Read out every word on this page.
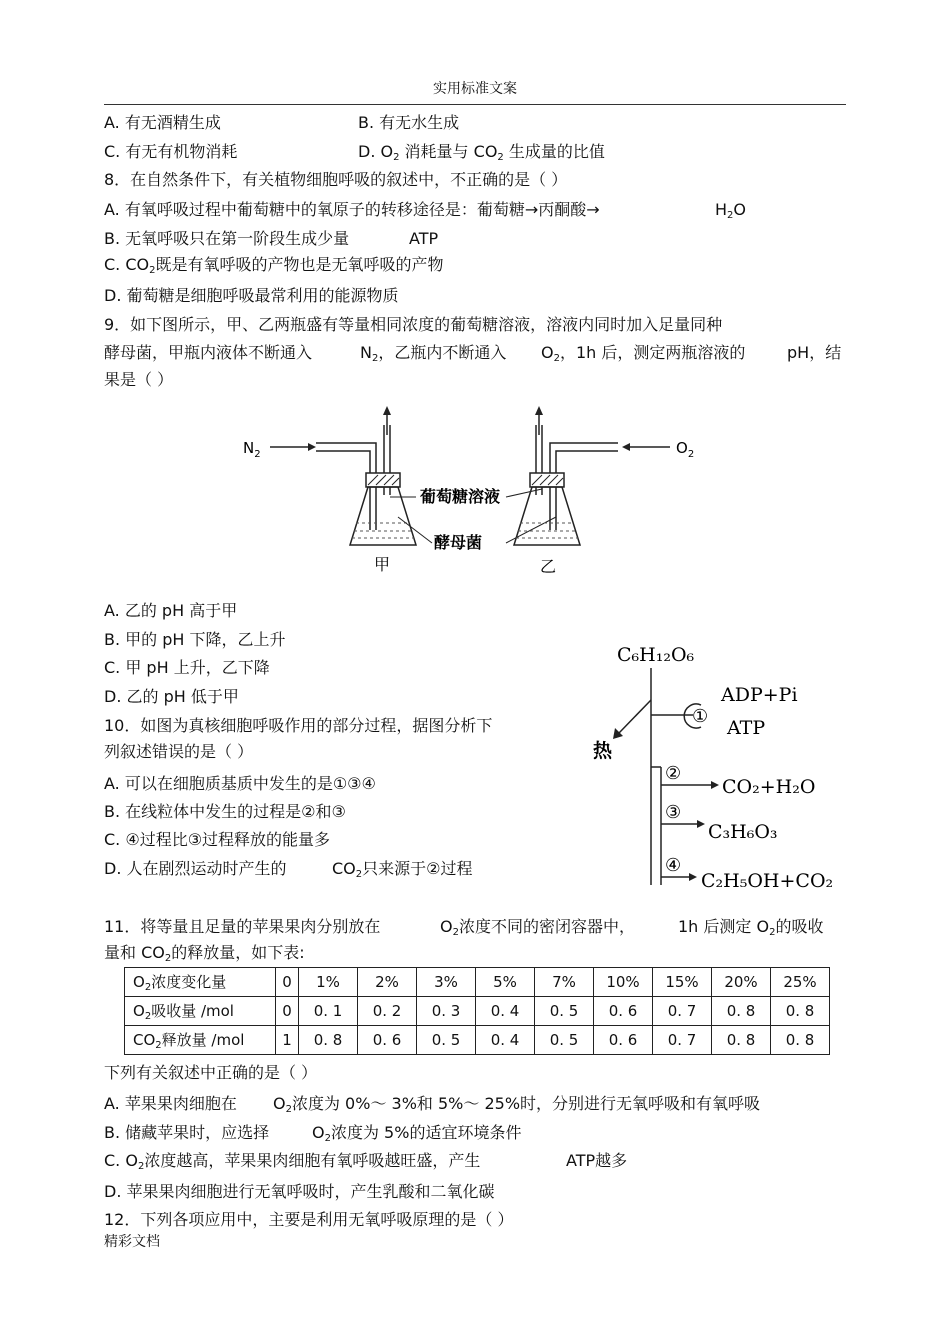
实用标准文案
A. 有无酒精生成	B. 有无水生成
C. 有无有机物消耗	D. $O_2$ 消耗量与 $CO_2$ 生成量的比值
8．在自然条件下，有关植物细胞呼吸的叙述中，不正确的是（ ）
A. 有氧呼吸过程中葡萄糖中的氧原子的转移途径是：葡萄糖→丙酮酸→	$H_2O$
B. 无氧呼吸只在第一阶段生成少量	ATP
C. $CO_2$既是有氧呼吸的产物也是无氧呼吸的产物
D. 葡萄糖是细胞呼吸最常利用的能源物质
9．如下图所示，甲、乙两瓶盛有等量相同浓度的葡萄糖溶液，溶液内同时加入足量同种
酵母菌，甲瓶内液体不断通入	$N_2$，乙瓶内不断通入 $O_2$，1h 后，测定两瓶溶液的	pH，结
果是（ ）
$N_2$
甲
葡萄糖溶液
酵母菌
乙
$O_2$
A. 乙的 pH 高于甲
B. 甲的 pH 下降，乙上升
C. 甲 pH 上升，乙下降
D. 乙的 pH 低于甲
10．如图为真核细胞呼吸作用的部分过程，据图分析下
列叙述错误的是（ ）
A. 可以在细胞质基质中发生的是①③④
B. 在线粒体中发生的过程是②和③
C. ④过程比③过程释放的能量多
D. 人在剧烈运动时产生的	$CO_2$只来源于②过程
C₆H₁₂O₆
①
ADP+Pi
ATP
热
②
CO₂+H₂O
③
C₃H₆O₃
④
C₂H₅OH+CO₂
11．将等量且足量的苹果果肉分别放在	$O_2$浓度不同的密闭容器中，	1h 后测定 $O_2$的吸收
量和 $CO_2$的释放量，如下表:
$O_2$浓度变化量	0	1%	2%	3%	5%	7%	10%	15%	20%	25%
$O_2$吸收量 /mol	0	0. 1	0. 2	0. 3	0. 4	0. 5	0. 6	0. 7	0. 8	0. 8
$CO_2$释放量 /mol	1	0. 8	0. 6	0. 5	0. 4	0. 5	0. 6	0. 7	0. 8	0. 8
下列有关叙述中正确的是（ ）
A. 苹果果肉细胞在 $O_2$浓度为 0%～ 3%和 5%～ 25%时，分别进行无氧呼吸和有氧呼吸
B. 储藏苹果时，应选择	$O_2$浓度为 5%的适宜环境条件
C. $O_2$浓度越高，苹果果肉细胞有氧呼吸越旺盛，产生	ATP越多
D. 苹果果肉细胞进行无氧呼吸时，产生乳酸和二氧化碳
12．下列各项应用中，主要是利用无氧呼吸原理的是（ ）
精彩文档
